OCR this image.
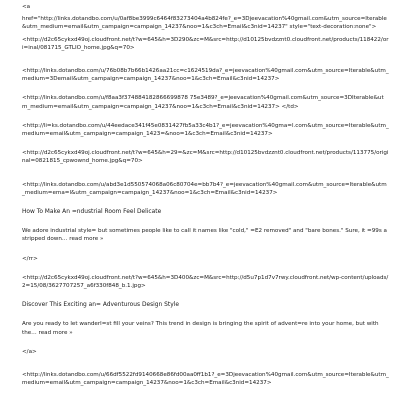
<a

href="http://links.dotandbo.com/u/0af8be3999c6464f83273404a4b824fe?_e=3Djeevacation%40gmail.com&utm_source=Iterable&utm_medium=email&utm_campaign=campaign_14237&noo=1&c3ch=Email&c3nid=14237" style="text-decoration:none">

<http://d2c65cykxd49oj.cloudfront.net/t?w=645&h=3D290&zc=M&src=http://d10125bvdzznt0.cloudfront.net/products/118422/ori=inal/081715_GTLIO_home.jpg&q=70>

<http://links.dotandbo.com/u/76b08b7b66b1426aa21cc=c1624519da?_e=jeevacation%40gmail.com&utm_source=Iterable&utm_medium=3Demail&utm_campaign=campaign_14237&noo=1&c3ch=Email&c3nid=14237>

<http://links.dotandbo.com/u/f8aa3f374884182866699878 75e3489?_e=jeevacation%40gmail.com&utm_source=3DIterable&utm_medium=email&utm_campaign=campaign_14237&noo=1&c3ch=Email&c3nid=14237> </td>

<http://li=ks.dotandbo.com/u/44eedace341f45e0831427fb5a33c4b1?_e=jeevacation%40gma=l.com&utm_source=Iterable&utm_medium=email&utm_campaign=campaign_1423=&noo=1&c3ch=Email&c3nid=14237>

<http://d2c65cykxd49oj.cloudfront.net/t?w=645&h=29=&zc=M&src=http://d10125bvdzznt0.cloudfront.net/products/113775/original=0821815_cpwownd_home.jpg&q=70>

<http://links.dotandbo.com/u/abd3e1d550574068a06c80704e=bb7b4?_e=jeevacation%40gmail.com&utm_source=Iterable&utm_medium=ema=l&utm_campaign=campaign_14237&noo=1&c3ch=Email&c3nid=14237>

How To Make An =ndustrial Room Feel Delicate

We adore industrial style= but sometimes people like to call it names like "cold," =E2 removed" and "bare bones." Sure, it =99s a stripped down… read more »

</rr>

<http://d2c65cykxd49oj.cloudfront.net/t?w=645&h=3D400&zc=M&src=http://d5u7p1d7v7rwy.cloudfront.net/wp-content/uploads/2=15/08/3627707257_a6f330f848_b.1.jpg>

Discover This Exciting an= Adventurous Design Style

Are you ready to let wanderl=st fill your veins? This trend in design is bringing the spirit of advent=re into your home, but with the… read more »

</a>

<http://links.dotandbo.com/u/66df5522fd9140668e86fd00aa0ff1b1?_e=3Djeevacation%40gmail.com&utm_source=Iterable&utm_medium=email&utm_campaign=campaign_14237&noo=1&c3ch=Email&c3nid=14237>
